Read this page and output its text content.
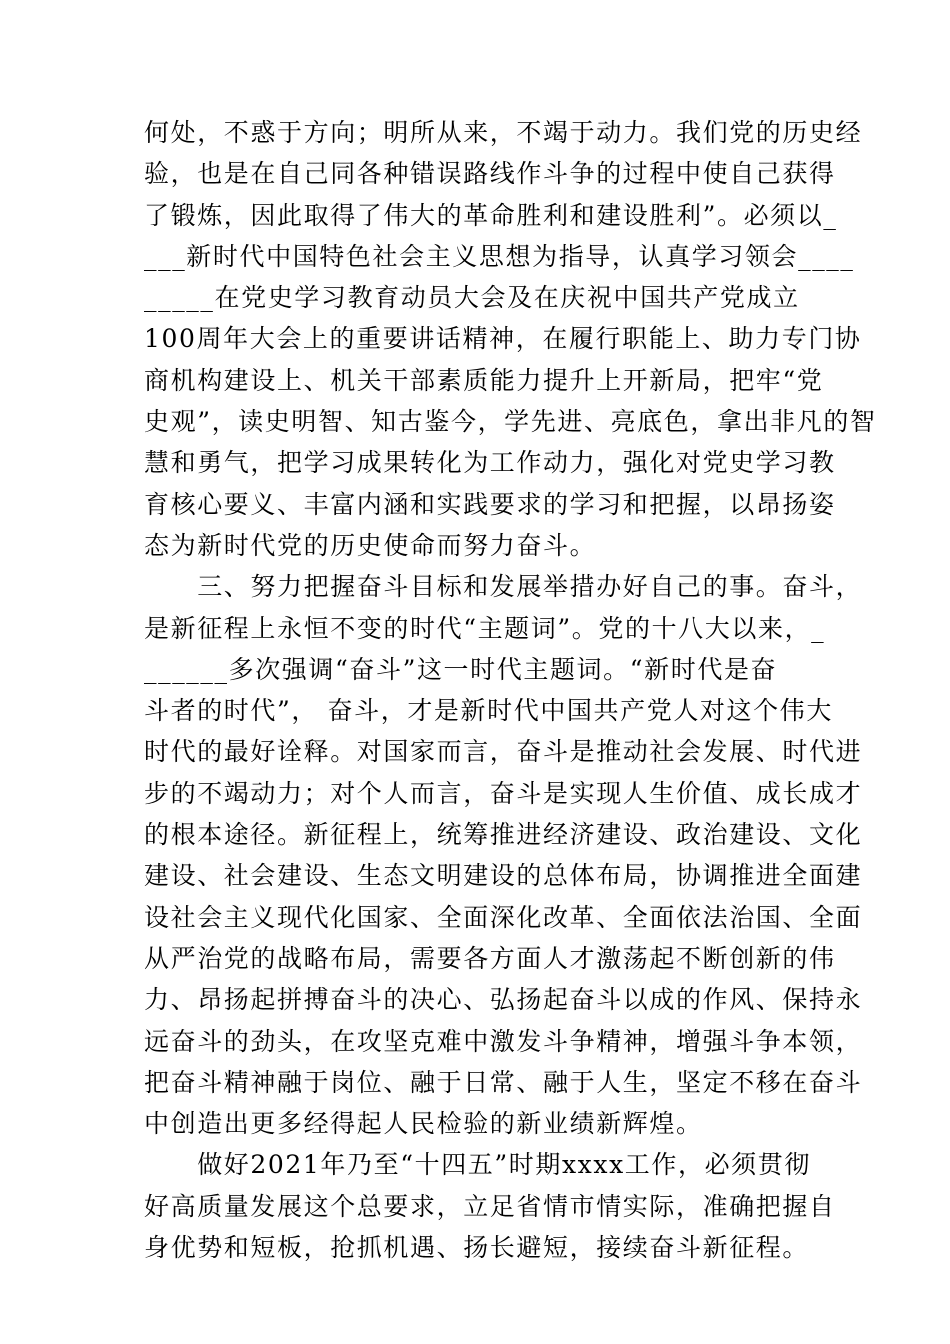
何处，不惑于方向；明所从来，不竭于动力。我们党的历史经
验，也是在自己同各种错误路线作斗争的过程中使自己获得
了锻炼，因此取得了伟大的革命胜利和建设胜利”。必须以_
___新时代中国特色社会主义思想为指导，认真学习领会____
_____在党史学习教育动员大会及在庆祝中国共产党成立
100周年大会上的重要讲话精神，在履行职能上、助力专门协
商机构建设上、机关干部素质能力提升上开新局，把牢“党
史观”，读史明智、知古鉴今，学先进、亮底色，拿出非凡的智
慧和勇气，把学习成果转化为工作动力，强化对党史学习教
育核心要义、丰富内涵和实践要求的学习和把握，以昂扬姿
态为新时代党的历史使命而努力奋斗。
　　三、努力把握奋斗目标和发展举措办好自己的事。奋斗，
是新征程上永恒不变的时代“主题词”。党的十八大以来，_
______多次强调“奋斗”这一时代主题词。“新时代是奋
斗者的时代”， 奋斗，才是新时代中国共产党人对这个伟大
时代的最好诠释。对国家而言，奋斗是推动社会发展、时代进
步的不竭动力；对个人而言，奋斗是实现人生价值、成长成才
的根本途径。新征程上，统筹推进经济建设、政治建设、文化
建设、社会建设、生态文明建设的总体布局，协调推进全面建
设社会主义现代化国家、全面深化改革、全面依法治国、全面
从严治党的战略布局，需要各方面人才激荡起不断创新的伟
力、昂扬起拼搏奋斗的决心、弘扬起奋斗以成的作风、保持永
远奋斗的劲头，在攻坚克难中激发斗争精神，增强斗争本领，
把奋斗精神融于岗位、融于日常、融于人生，坚定不移在奋斗
中创造出更多经得起人民检验的新业绩新辉煌。
　　做好2021年乃至“十四五”时期xxxx工作，必须贯彻
好高质量发展这个总要求，立足省情市情实际，准确把握自
身优势和短板，抢抓机遇、扬长避短，接续奋斗新征程。
